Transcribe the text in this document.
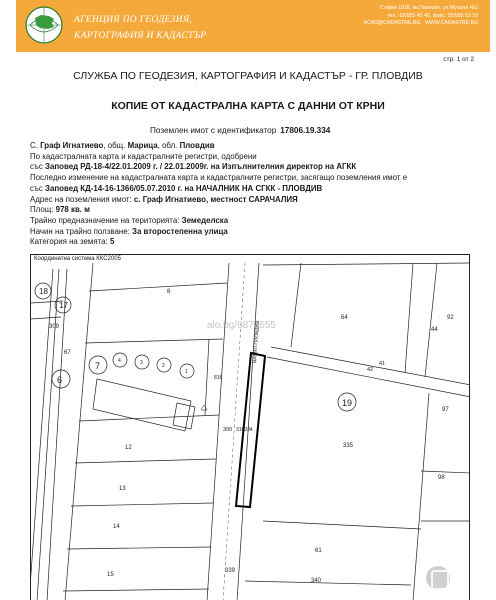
АГЕНЦИЯ ПО ГЕОДЕЗИЯ,
КАРТОГРАФИЯ И КАДАСТЪР
София 1618, кв.Павлово, ул.Мусала №1
тел.: 02/955 45 40, факс: 02/955 53 33
ACAD@CADASTRE.BG · WWW.CADASTRE.BG
стр. 1 от 2
СЛУЖБА ПО ГЕОДЕЗИЯ, КАРТОГРАФИЯ И КАДАСТЪР - ГР. ПЛОВДИВ
КОПИЕ ОТ КАДАСТРАЛНА КАРТА С ДАННИ ОТ КРНИ
Поземлен имот с идентификатор 17806.19.334
С. Граф Игнатиево, общ. Марица, обл. Пловдив
По кадастралната карта и кадастралните регистри, одобрени
със Заповед РД-18-4/22.01.2009 г. / 22.01.2009г. на Изпълнителния директор на АГКК
Последно изменение на кадастралната карта и кадастралните регистри, засягащо поземления имот е
със Заповед КД-14-16-1366/05.07.2010 г. на НАЧАЛНИК НА СГКК - ПЛОВДИВ
Адрес на поземления имот: с. Граф Игнатиево, местност САРАЧАЛИЯ
Площ: 978 кв. м
Трайно предназначение на територията: Земеделска
Начин на трайно ползване: За второстепенна улица
Категория на земята: 5
18
17
6
7
19
67
309
8
4	3	2
1
816
12
13
14
15
300 318334
64
44
92
41
42
335
97
98
61
339
340
ВАСИЛ ПЛОВДИВ
Координатна система ККС2005
alo.bg/6870655
